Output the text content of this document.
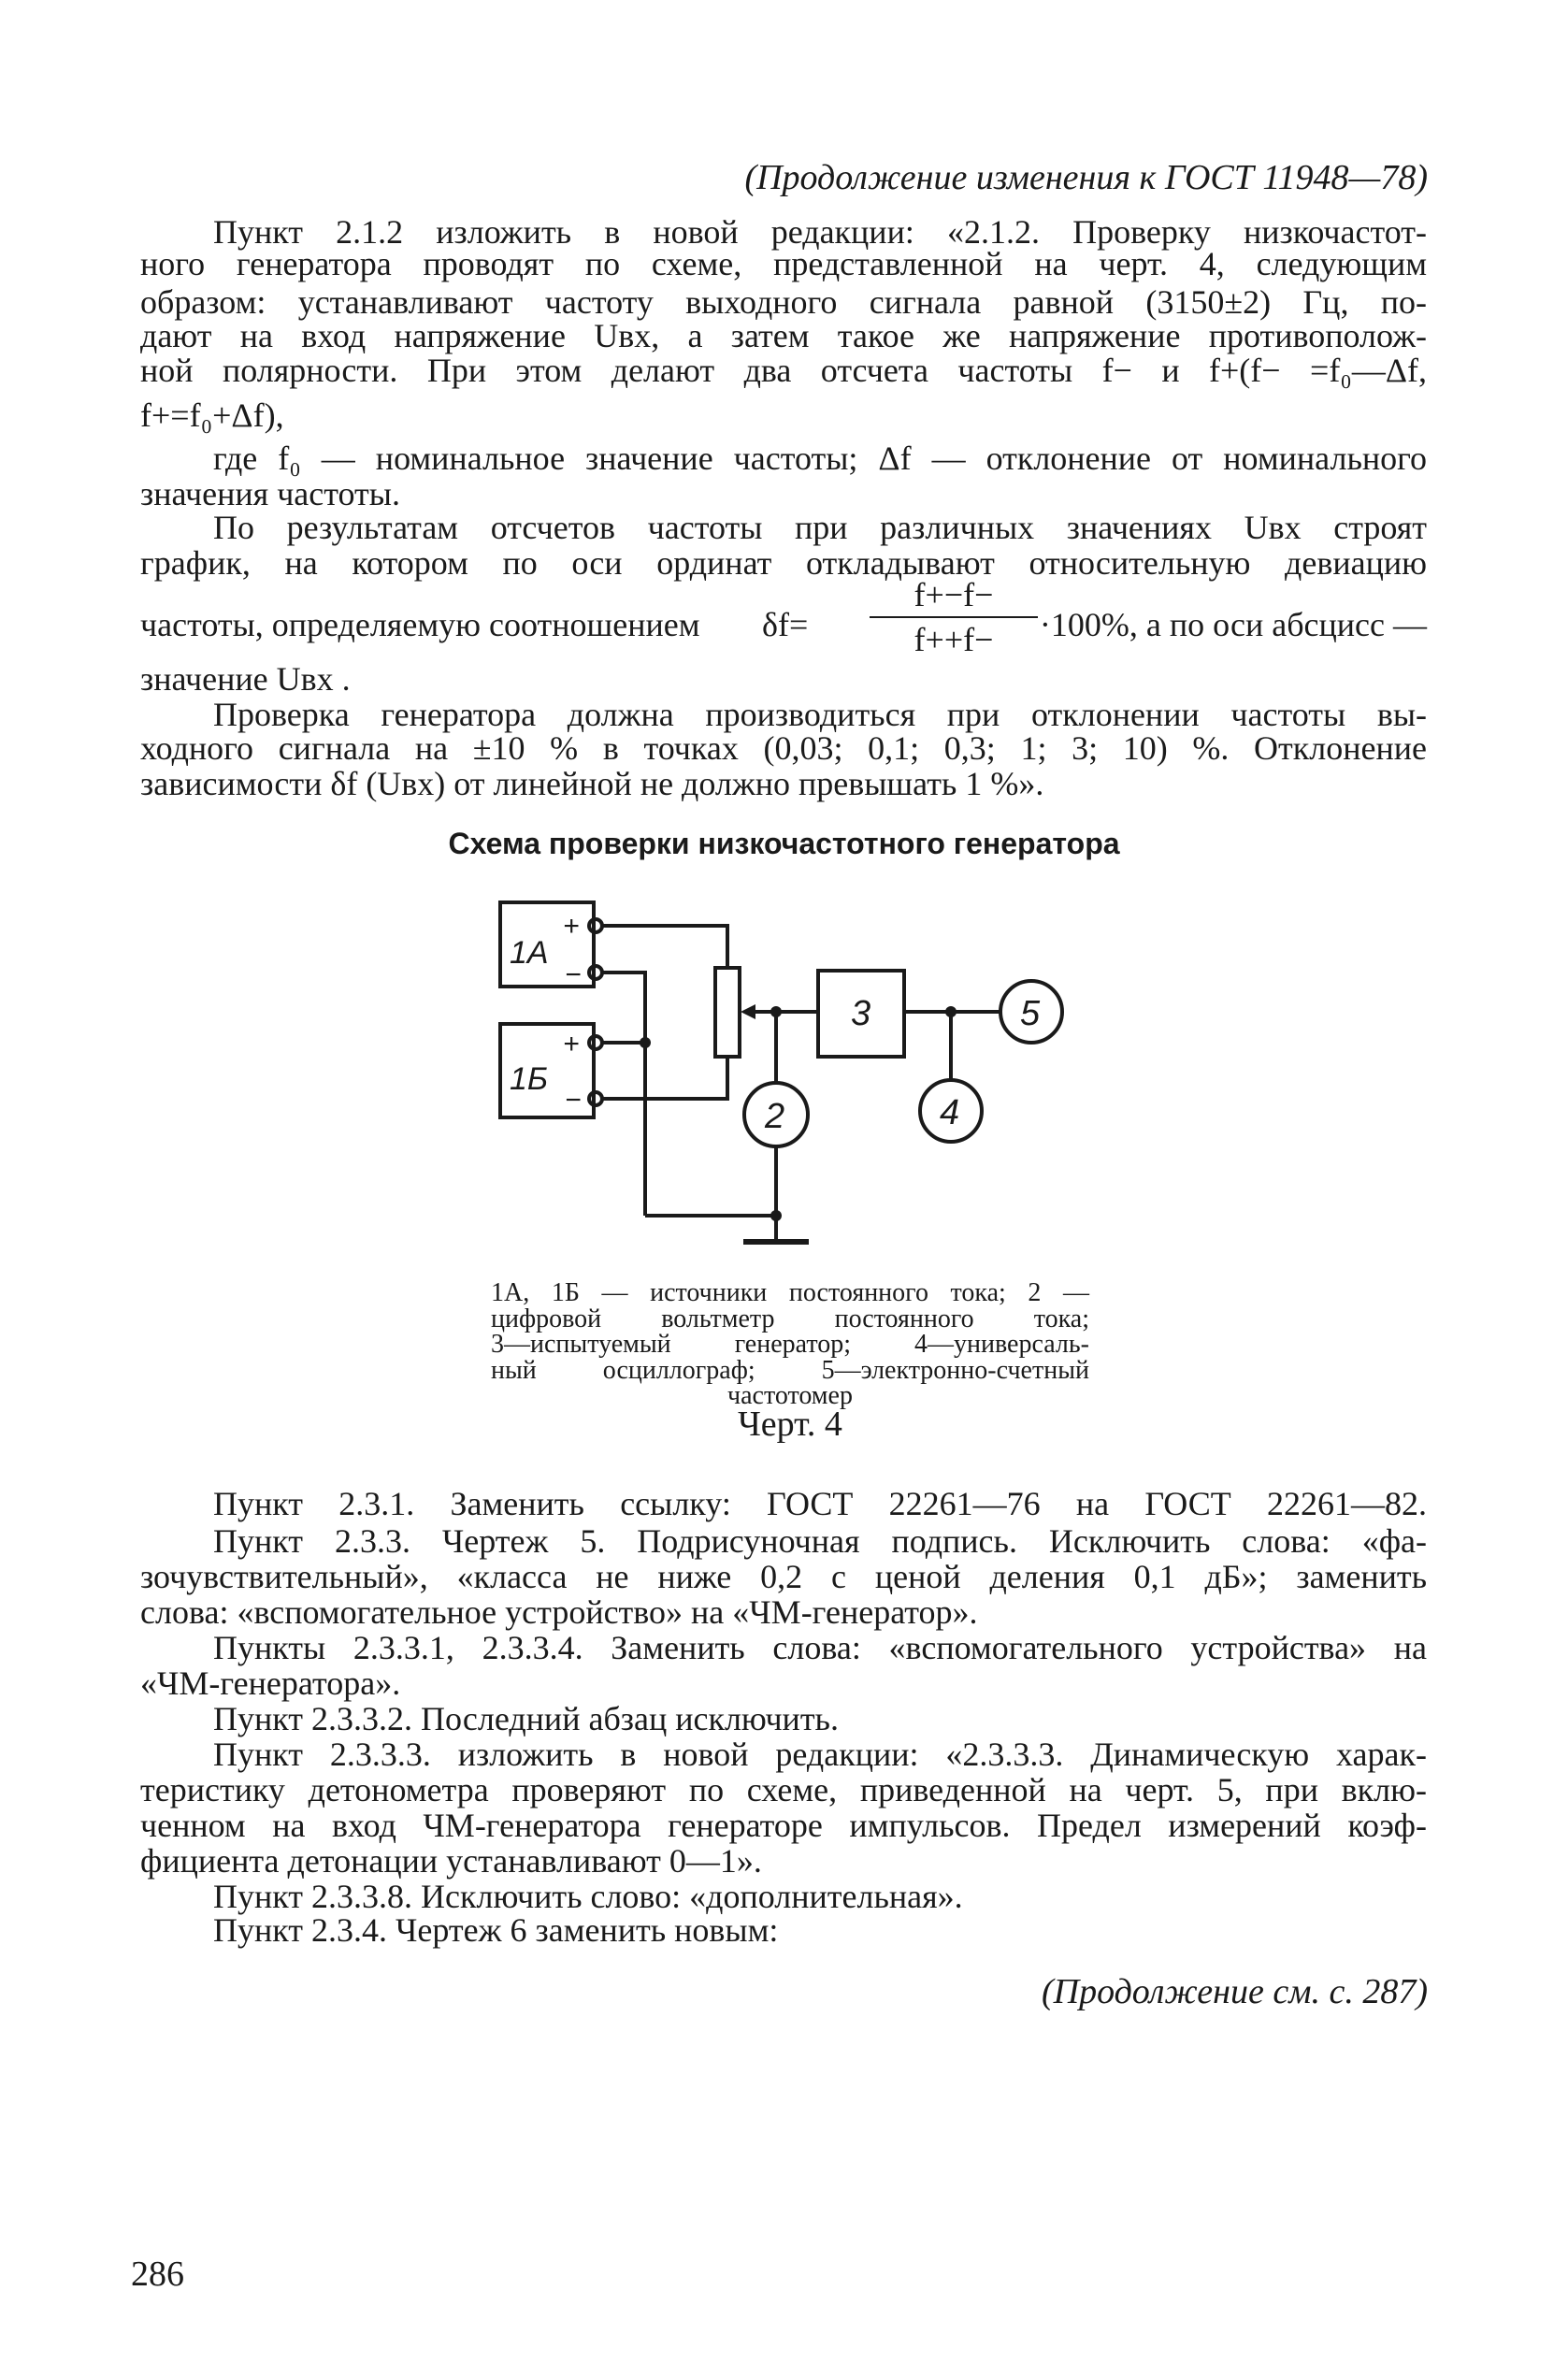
(Продолжение изменения к ГОСТ 11948—78)
Пункт 2.1.2 изложить в новой редакции: «2.1.2. Проверку низкочастот-
ного генератора проводят по схеме, представленной на черт. 4, следующим
образом: устанавливают частоту выходного сигнала равной (3150±2) Гц, по-
дают на вход напряжение Uвх, а затем такое же напряжение противополож-
ной полярности. При этом делают два отсчета частоты f− и f+(f− =f₀—Δf,
f+=f₀+Δf),
где f₀ — номинальное значение частоты; Δf — отклонение от номинального
значения частоты.
По результатам отсчетов частоты при различных значениях Uвх строят
график, на котором по оси ординат откладывают относительную девиацию
частоты, определяемую соотношением δf=
f+−f−
f++f−	·100%, а по оси абсцисс —
значение Uвх .
Проверка генератора должна производиться при отклонении частоты вы-
ходного сигнала на ±10 % в точках (0,03; 0,1; 0,3; 1; 3; 10) %. Отклонение
зависимости δf (Uвх) от линейной не должно превышать 1 %».
Схема проверки низкочастотного генератора
1А
1Б
+
−
+
−
3
2	4
5
1А, 1Б — источники постоянного тока; 2 —
цифровой вольтметр постоянного тока;
3—испытуемый генератор; 4—универсаль-
ный осциллограф; 5—электронно-счетный
частотомер
Черт. 4
Пункт 2.3.1. Заменить ссылку: ГОСТ 22261—76 на ГОСТ 22261—82.
Пункт 2.3.3. Чертеж 5. Подрисуночная подпись. Исключить слова: «фа-
зочувствительный», «класса не ниже 0,2 с ценой деления 0,1 дБ»; заменить
слова: «вспомогательное устройство» на «ЧМ-генератор».
Пункты 2.3.3.1, 2.3.3.4. Заменить слова: «вспомогательного устройства» на
«ЧМ-генератора».
Пункт 2.3.3.2. Последний абзац исключить.
Пункт 2.3.3.3. изложить в новой редакции: «2.3.3.3. Динамическую харак-
теристику детонометра проверяют по схеме, приведенной на черт. 5, при вклю-
ченном на вход ЧМ-генератора генераторе импульсов. Предел измерений коэф-
фициента детонации устанавливают 0—1».
Пункт 2.3.3.8. Исключить слово: «дополнительная».
Пункт 2.3.4. Чертеж 6 заменить новым:
(Продолжение см. с. 287)
286
